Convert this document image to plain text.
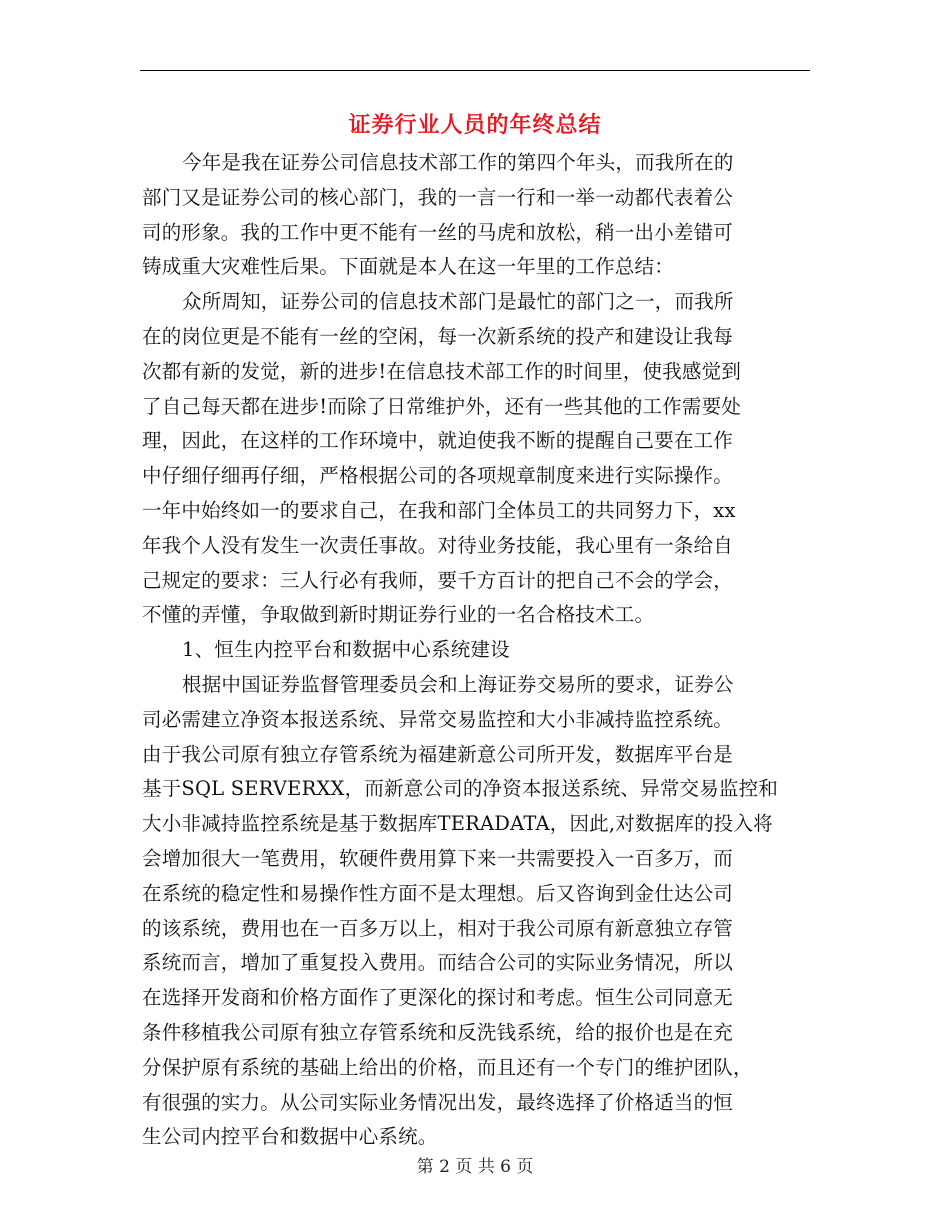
证券行业人员的年终总结
今年是我在证券公司信息技术部工作的第四个年头，而我所在的
部门又是证券公司的核心部门，我的一言一行和一举一动都代表着公
司的形象。我的工作中更不能有一丝的马虎和放松，稍一出小差错可
铸成重大灾难性后果。下面就是本人在这一年里的工作总结：
众所周知，证券公司的信息技术部门是最忙的部门之一，而我所
在的岗位更是不能有一丝的空闲，每一次新系统的投产和建设让我每
次都有新的发觉，新的进步!在信息技术部工作的时间里，使我感觉到
了自己每天都在进步!而除了日常维护外，还有一些其他的工作需要处
理，因此，在这样的工作环境中，就迫使我不断的提醒自己要在工作
中仔细仔细再仔细，严格根据公司的各项规章制度来进行实际操作。
一年中始终如一的要求自己，在我和部门全体员工的共同努力下，xx
年我个人没有发生一次责任事故。对待业务技能，我心里有一条给自
己规定的要求：三人行必有我师，要千方百计的把自己不会的学会，
不懂的弄懂，争取做到新时期证券行业的一名合格技术工。
1、恒生内控平台和数据中心系统建设
根据中国证券监督管理委员会和上海证券交易所的要求，证券公
司必需建立净资本报送系统、异常交易监控和大小非减持监控系统。
由于我公司原有独立存管系统为福建新意公司所开发，数据库平台是
基于SQL SERVERXX，而新意公司的净资本报送系统、异常交易监控和
大小非减持监控系统是基于数据库TERADATA，因此,对数据库的投入将
会增加很大一笔费用，软硬件费用算下来一共需要投入一百多万，而
在系统的稳定性和易操作性方面不是太理想。后又咨询到金仕达公司
的该系统，费用也在一百多万以上，相对于我公司原有新意独立存管
系统而言，增加了重复投入费用。而结合公司的实际业务情况，所以
在选择开发商和价格方面作了更深化的探讨和考虑。恒生公司同意无
条件移植我公司原有独立存管系统和反洗钱系统，给的报价也是在充
分保护原有系统的基础上给出的价格，而且还有一个专门的维护团队，
有很强的实力。从公司实际业务情况出发，最终选择了价格适当的恒
生公司内控平台和数据中心系统。
第 2 页 共 6 页
